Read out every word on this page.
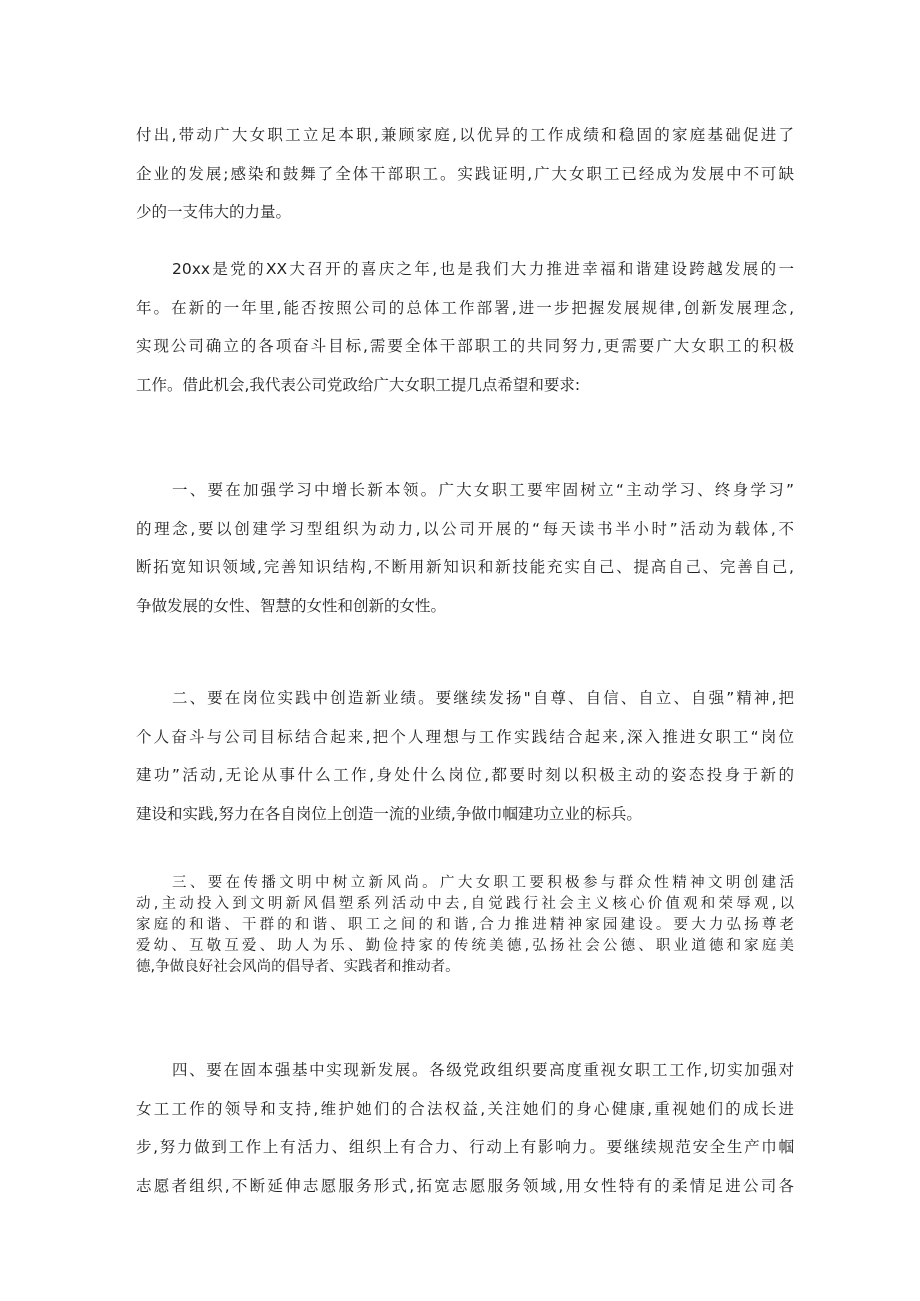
付出,带动广大女职工立足本职,兼顾家庭,以优异的工作成绩和稳固的家庭基础促进了
企业的发展;感染和鼓舞了全体干部职工。实践证明,广大女职工已经成为发展中不可缺
少的一支伟大的力量。
20xx是党的XX大召开的喜庆之年,也是我们大力推进幸福和谐建设跨越发展的一
年。在新的一年里,能否按照公司的总体工作部署,进一步把握发展规律,创新发展理念,
实现公司确立的各项奋斗目标,需要全体干部职工的共同努力,更需要广大女职工的积极
工作。借此机会,我代表公司党政给广大女职工提几点希望和要求:
一、要在加强学习中增长新本领。广大女职工要牢固树立“主动学习、终身学习”
的理念,要以创建学习型组织为动力,以公司开展的“每天读书半小时”活动为载体,不
断拓宽知识领域,完善知识结构,不断用新知识和新技能充实自己、提高自己、完善自己,
争做发展的女性、智慧的女性和创新的女性。
二、要在岗位实践中创造新业绩。要继续发扬"自尊、自信、自立、自强”精神,把
个人奋斗与公司目标结合起来,把个人理想与工作实践结合起来,深入推进女职工“岗位
建功”活动,无论从事什么工作,身处什么岗位,都要时刻以积极主动的姿态投身于新的
建设和实践,努力在各自岗位上创造一流的业绩,争做巾帼建功立业的标兵。
三、要在传播文明中树立新风尚。广大女职工要积极参与群众性精神文明创建活
动,主动投入到文明新风倡塑系列活动中去,自觉践行社会主义核心价值观和荣辱观,以
家庭的和谐、干群的和谐、职工之间的和谐,合力推进精神家园建设。要大力弘扬尊老
爱幼、互敬互爱、助人为乐、勤俭持家的传统美德,弘扬社会公德、职业道德和家庭美
德,争做良好社会风尚的倡导者、实践者和推动者。
四、要在固本强基中实现新发展。各级党政组织要高度重视女职工工作,切实加强对
女工工作的领导和支持,维护她们的合法权益,关注她们的身心健康,重视她们的成长进
步,努力做到工作上有活力、组织上有合力、行动上有影响力。要继续规范安全生产巾帼
志愿者组织,不断延伸志愿服务形式,拓宽志愿服务领域,用女性特有的柔情足进公司各
